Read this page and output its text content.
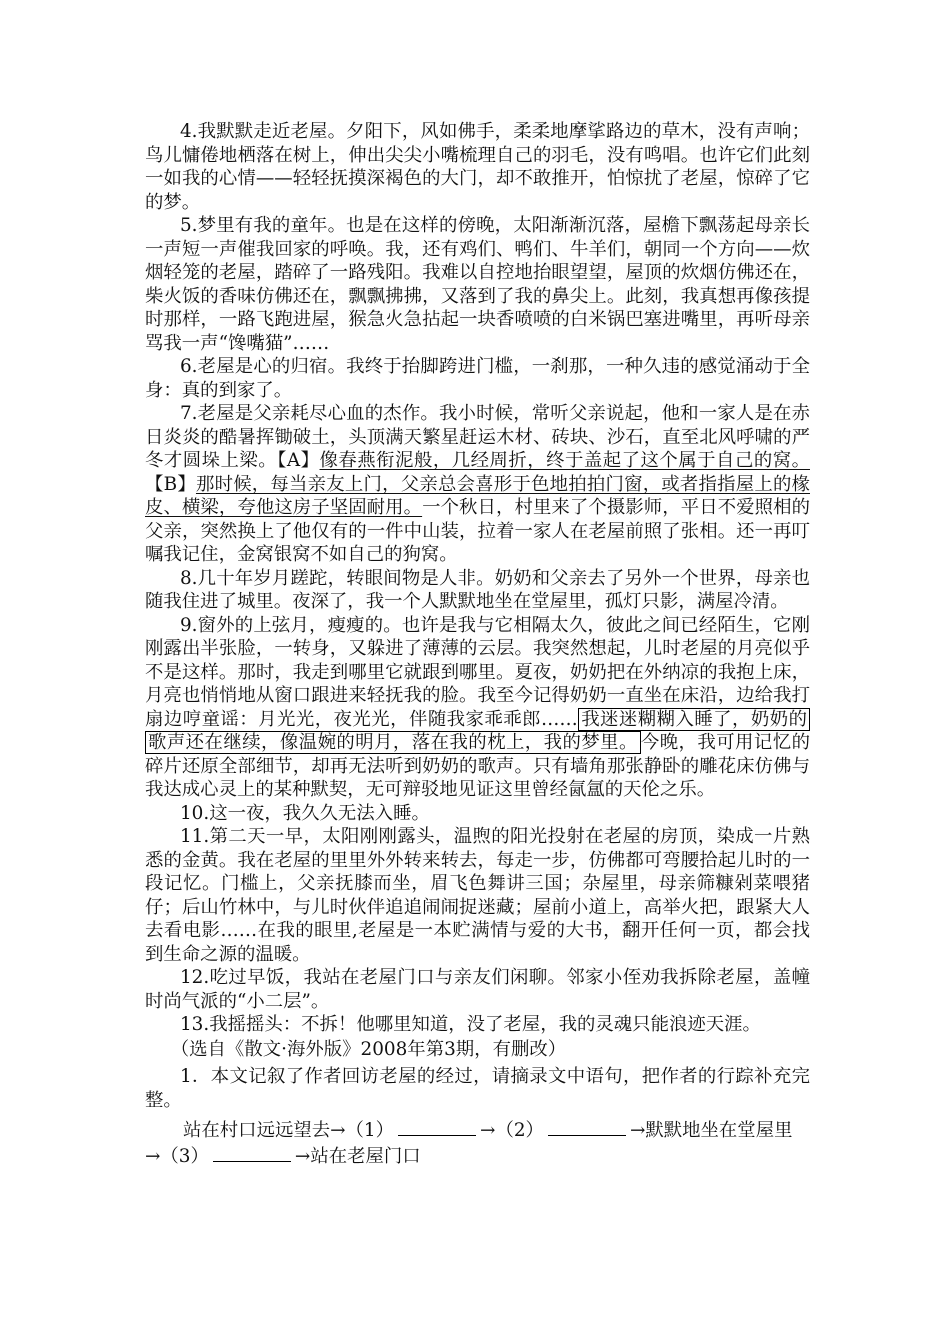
4.我默默走近老屋。夕阳下，风如佛手，柔柔地摩挲路边的草木，没有声响；鸟儿慵倦地栖落在树上，伸出尖尖小嘴梳理自己的羽毛，没有鸣唱。也许它们此刻一如我的心情——轻轻抚摸深褐色的大门，却不敢推开，怕惊扰了老屋，惊碎了它的梦。

5.梦里有我的童年。也是在这样的傍晚，太阳渐渐沉落，屋檐下飘荡起母亲长一声短一声催我回家的呼唤。我，还有鸡们、鸭们、牛羊们，朝同一个方向——炊烟轻笼的老屋，踏碎了一路残阳。我难以自控地抬眼望望，屋顶的炊烟仿佛还在，柴火饭的香味仿佛还在，飘飘拂拂，又落到了我的鼻尖上。此刻，我真想再像孩提时那样，一路飞跑进屋，猴急火急拈起一块香喷喷的白米锅巴塞进嘴里，再听母亲骂我一声“馋嘴猫”……

6.老屋是心的归宿。我终于抬脚跨进门槛，一刹那，一种久违的感觉涌动于全身：真的到家了。

7.老屋是父亲耗尽心血的杰作。我小时候，常听父亲说起，他和一家人是在赤日炎炎的酷暑挥锄破土，头顶满天繁星赶运木材、砖块、沙石，直至北风呼啸的严冬才圆垛上梁。【A】像春燕衔泥般，几经周折，终于盖起了这个属于自己的窝。【B】那时候，每当亲友上门，父亲总会喜形于色地拍拍门窗，或者指指屋上的椽皮、横梁，夸他这房子坚固耐用。一个秋日，村里来了个摄影师，平日不爱照相的父亲，突然换上了他仅有的一件中山装，拉着一家人在老屋前照了张相。还一再叮嘱我记住，金窝银窝不如自己的狗窝。

8.几十年岁月蹉跎，转眼间物是人非。奶奶和父亲去了另外一个世界，母亲也随我住进了城里。夜深了，我一个人默默地坐在堂屋里，孤灯只影，满屋冷清。

9.窗外的上弦月，瘦瘦的。也许是我与它相隔太久，彼此之间已经陌生，它刚刚露出半张脸，一转身，又躲进了薄薄的云层。我突然想起，儿时老屋的月亮似乎不是这样。那时，我走到哪里它就跟到哪里。夏夜，奶奶把在外纳凉的我抱上床，月亮也悄悄地从窗口跟进来轻抚我的脸。我至今记得奶奶一直坐在床沿，边给我打扇边哼童谣：月光光，夜光光，伴随我家乖乖郎…… 我迷迷糊糊入睡了，奶奶的歌声还在继续，像温婉的明月，落在我的枕上，我的梦里。 今晚，我可用记忆的碎片还原全部细节，却再无法听到奶奶的歌声。只有墙角那张静卧的雕花床仿佛与我达成心灵上的某种默契，无可辩驳地见证这里曾经氤氲的天伦之乐。

10.这一夜，我久久无法入睡。

11.第二天一早，太阳刚刚露头，温煦的阳光投射在老屋的房顶，染成一片熟悉的金黄。我在老屋的里里外外转来转去，每走一步，仿佛都可弯腰拾起儿时的一段记忆。门槛上，父亲抚膝而坐，眉飞色舞讲三国；杂屋里，母亲筛糠剁菜喂猪仔；后山竹林中，与儿时伙伴追追闹闹捉迷藏；屋前小道上，高举火把，跟紧大人去看电影……在我的眼里,老屋是一本贮满情与爱的大书，翻开任何一页，都会找到生命之源的温暖。

12.吃过早饭，我站在老屋门口与亲友们闲聊。邻家小侄劝我拆除老屋，盖幢时尚气派的“小二层”。

13.我摇摇头：不拆！他哪里知道，没了老屋，我的灵魂只能浪迹天涯。

（选自《散文·海外版》2008年第3期，有删改）

1．本文记叙了作者回访老屋的经过，请摘录文中语句，把作者的行踪补充完整。

站在村口远远望去→（1）	→（2）	→默默地坐在堂屋里
→（3）	→站在老屋门口
